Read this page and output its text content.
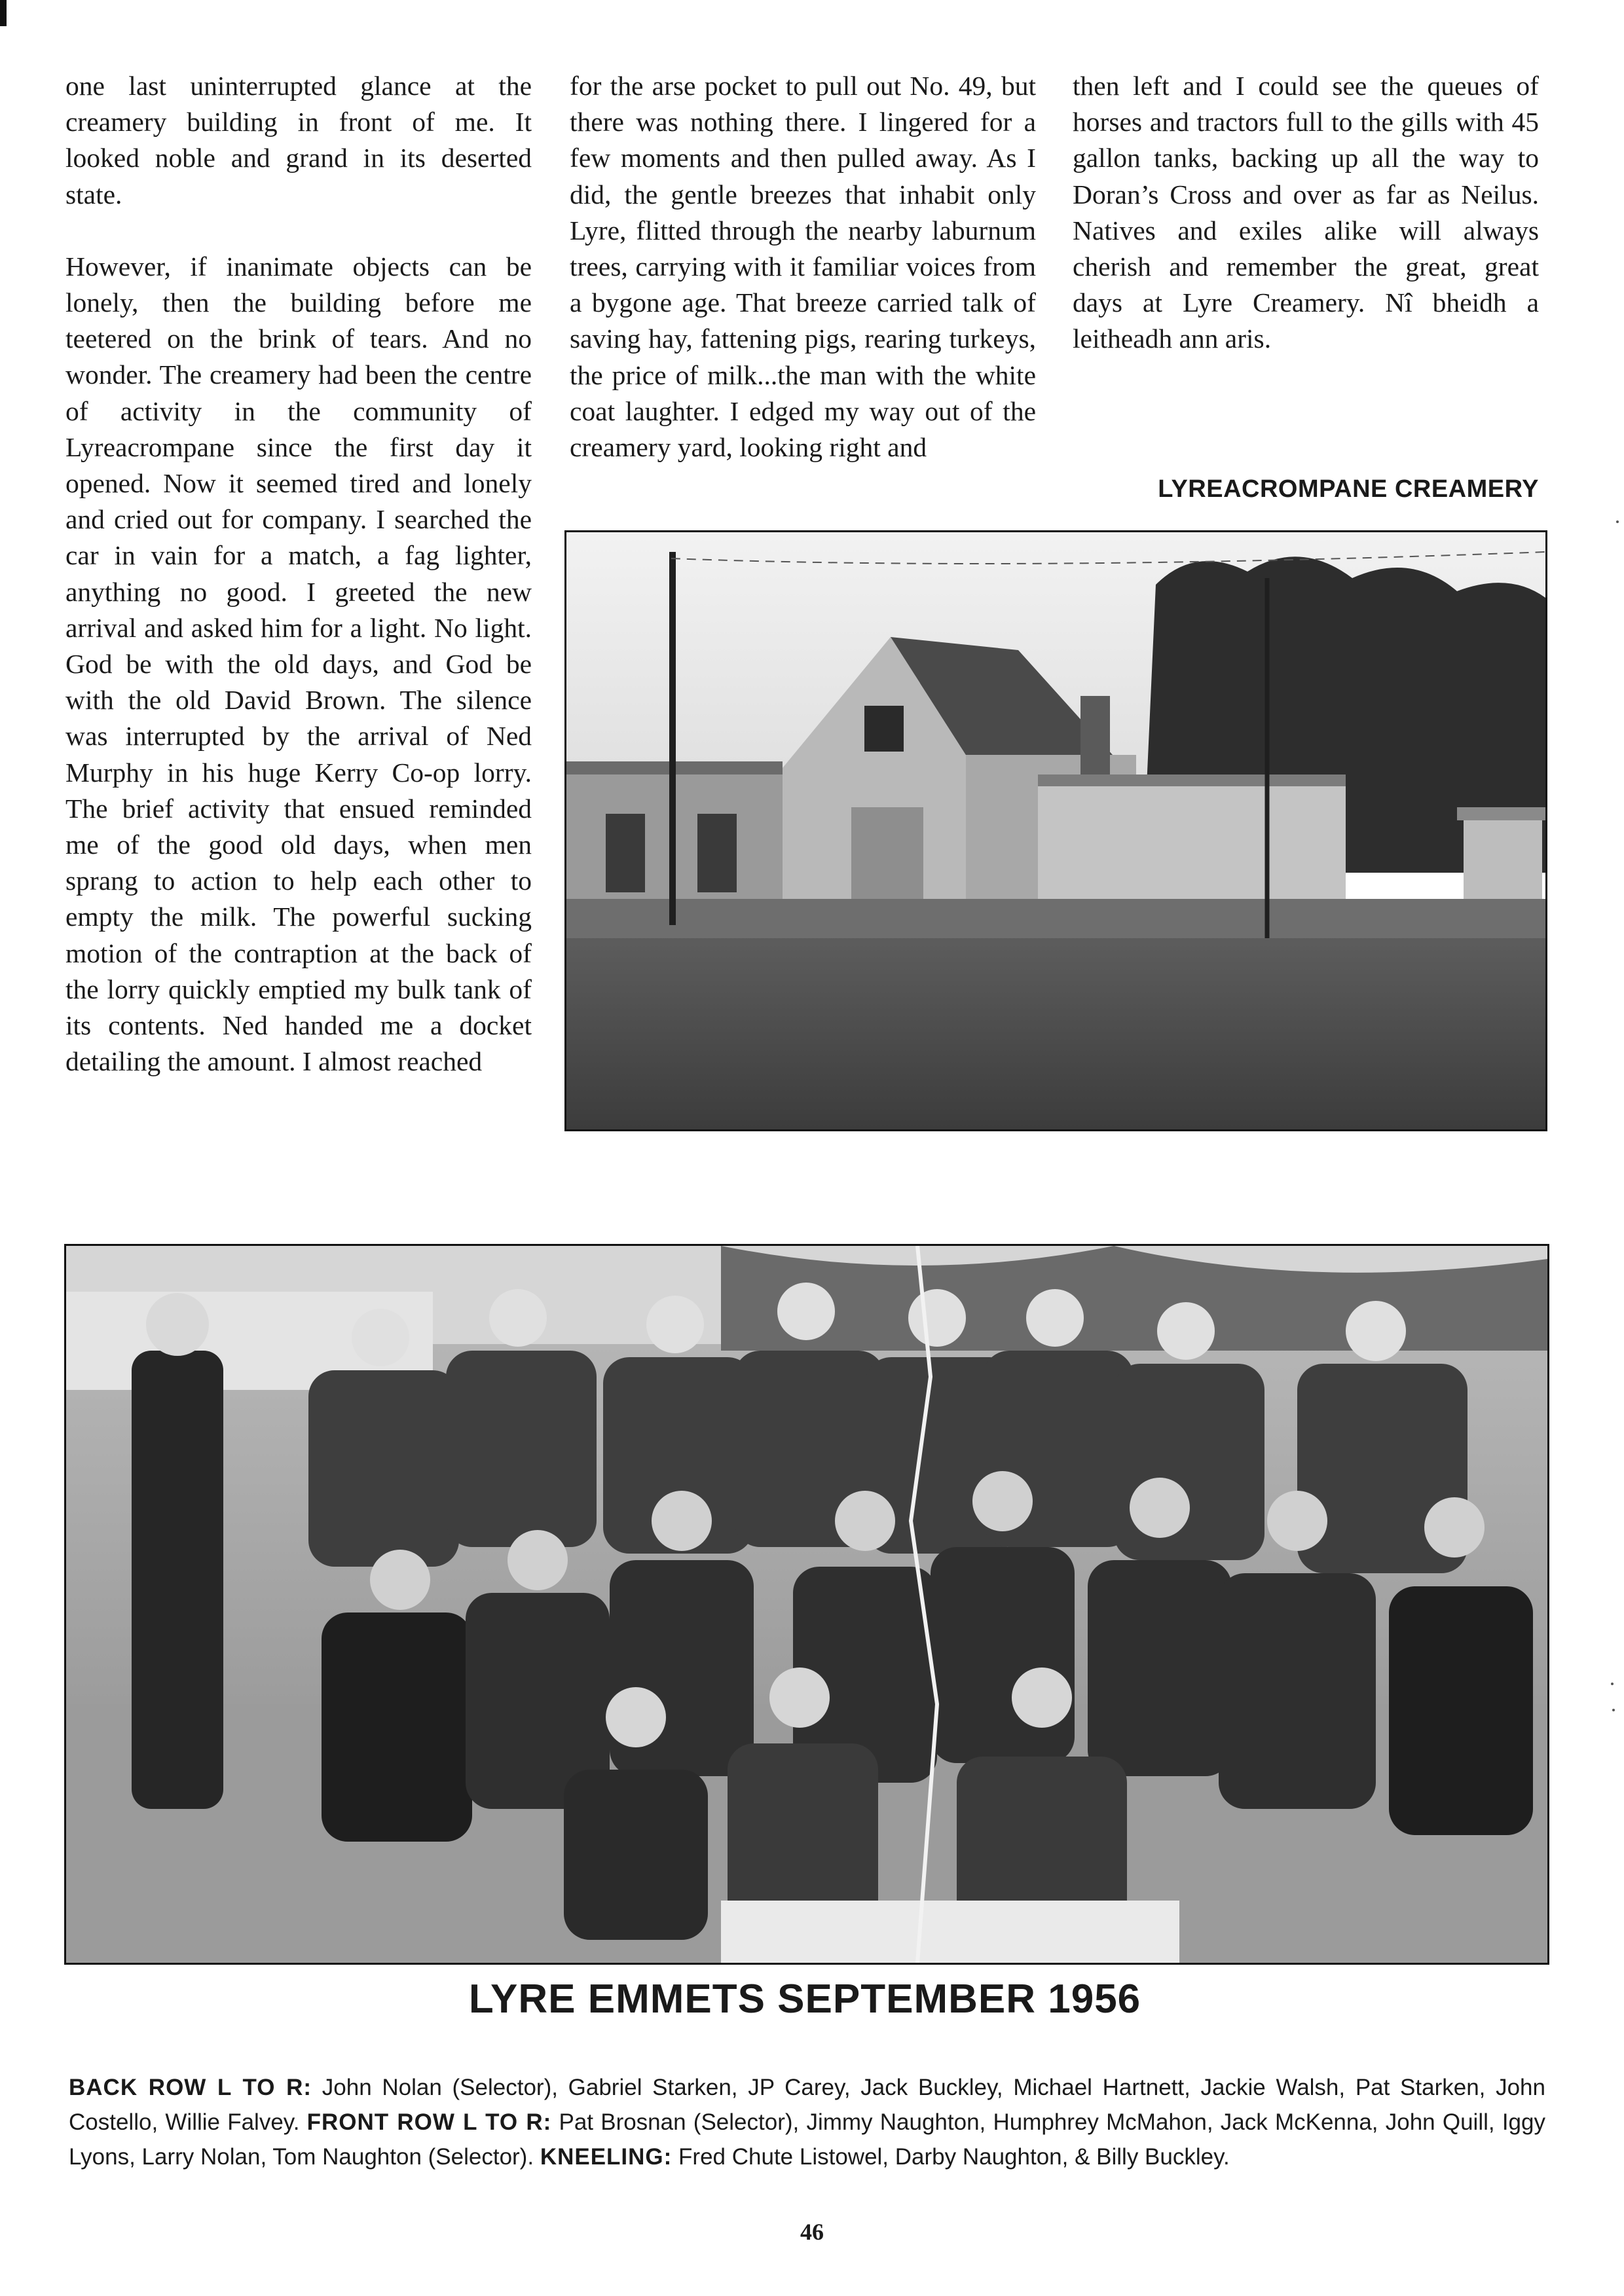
one last uninterrupted glance at the creamery building in front of me. It looked noble and grand in its deserted state.

However, if inanimate objects can be lonely, then the building before me teetered on the brink of tears. And no wonder. The creamery had been the centre of activity in the community of Lyreacrompane since the first day it opened. Now it seemed tired and lonely and cried out for company. I searched the car in vain for a match, a fag lighter, anything no good. I greeted the new arrival and asked him for a light. No light. God be with the old days, and God be with the old David Brown. The silence was interrupted by the arrival of Ned Murphy in his huge Kerry Co-op lorry. The brief activity that ensued reminded me of the good old days, when men sprang to action to help each other to empty the milk. The powerful sucking motion of the contraption at the back of the lorry quickly emptied my bulk tank of its contents. Ned handed me a docket detailing the amount. I almost reached

for the arse pocket to pull out No. 49, but there was nothing there. I lingered for a few moments and then pulled away. As I did, the gentle breezes that inhabit only Lyre, flitted through the nearby laburnum trees, carrying with it familiar voices from a bygone age. That breeze carried talk of saving hay, fattening pigs, rearing turkeys, the price of milk...the man with the white coat laughter. I edged my way out of the creamery yard, looking right and

then left and I could see the queues of horses and tractors full to the gills with 45 gallon tanks, backing up all the way to Doran’s Cross and over as far as Neilus. Natives and exiles alike will always cherish and remember the great, great days at Lyre Creamery. Nî bheidh a leitheadh ann aris.

LYREACROMPANE CREAMERY
LYRE EMMETS SEPTEMBER 1956
BACK ROW L TO R: John Nolan (Selector), Gabriel Starken, JP Carey, Jack Buckley, Michael Hartnett, Jackie Walsh, Pat Starken, John Costello, Willie Falvey. FRONT ROW L TO R: Pat Brosnan (Selector), Jimmy Naughton, Humphrey McMahon, Jack McKenna, John Quill, Iggy Lyons, Larry Nolan, Tom Naughton (Selector). KNEELING: Fred Chute Listowel, Darby Naughton, & Billy Buckley.
46
